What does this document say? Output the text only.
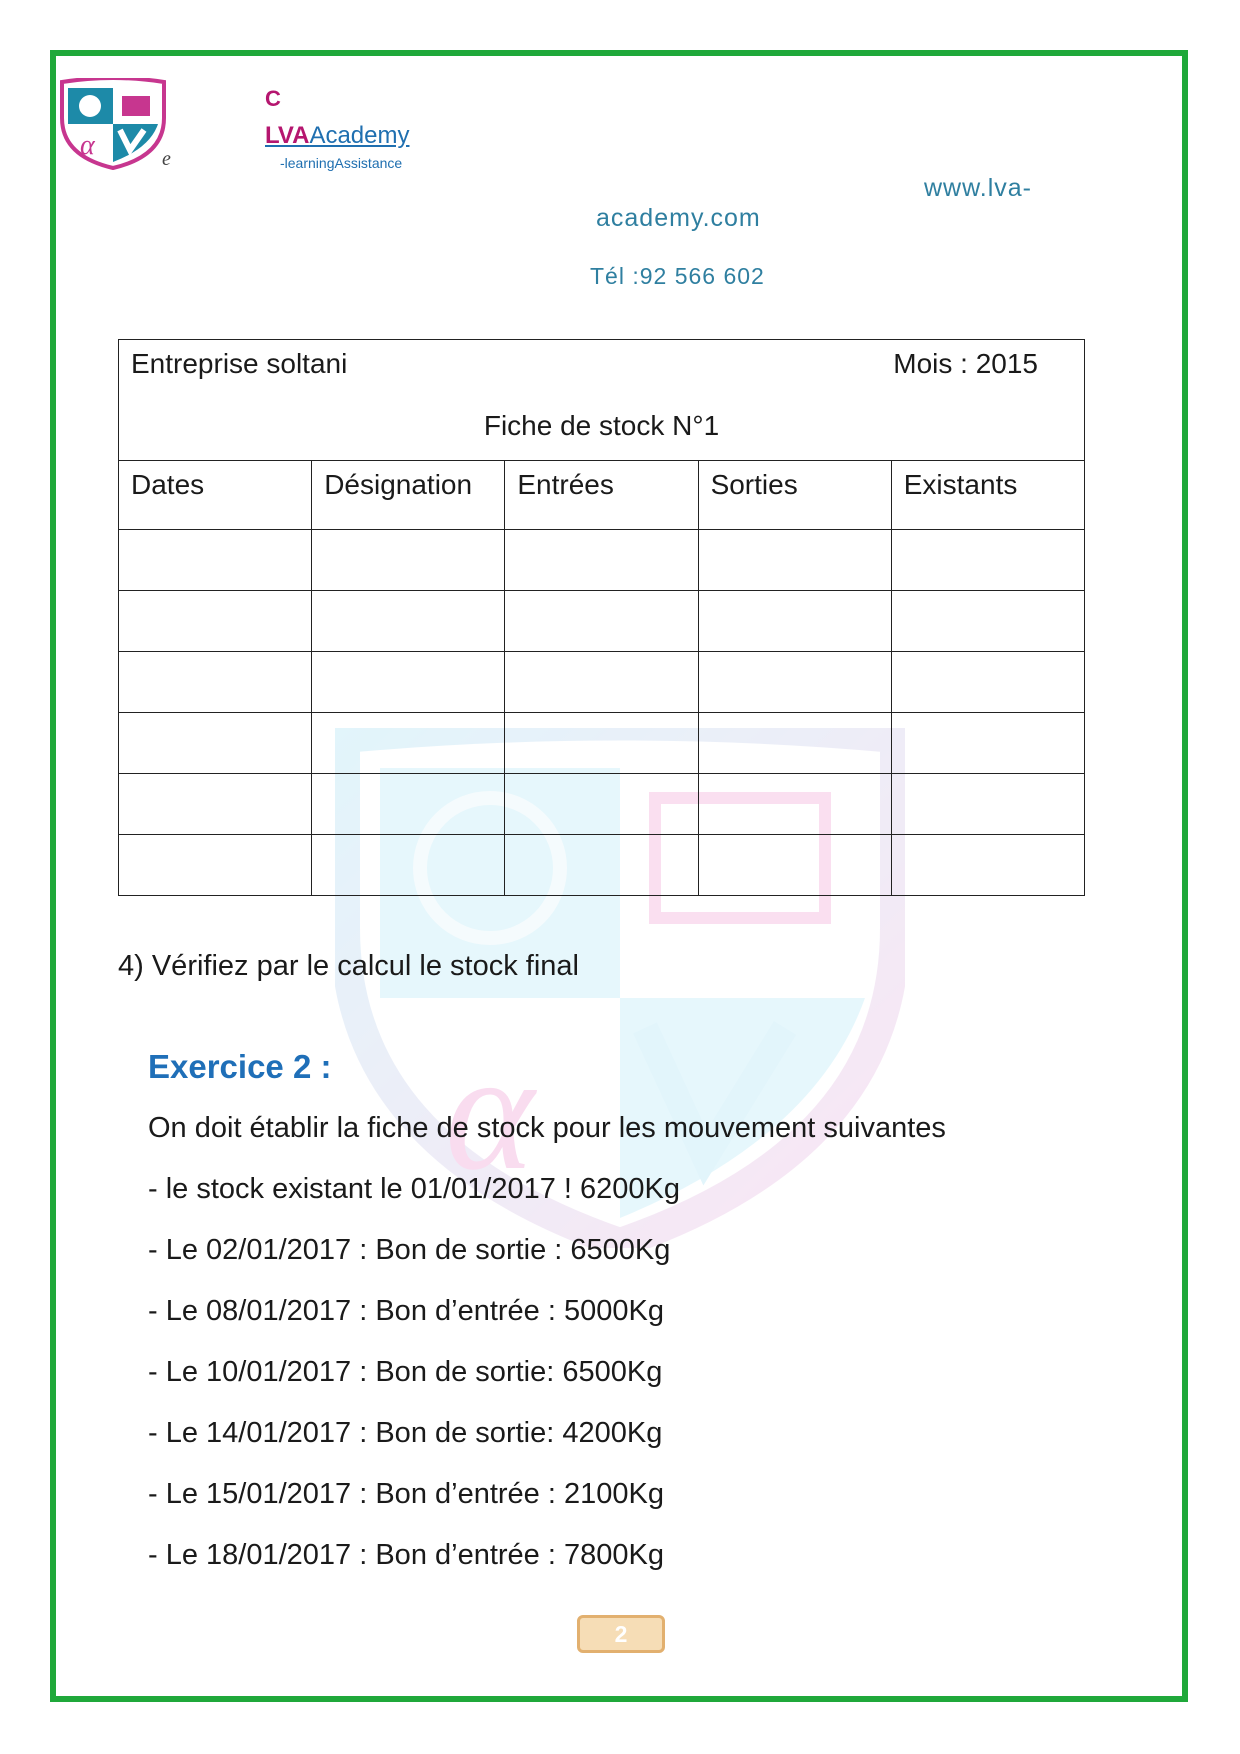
α
α	e
C
LVAAcademy
-learningAssistance
www.lva-
academy.com
Tél :92 566 602
Entreprise soltani Mois : 2015
Fiche de stock N°1				

Dates	Désignation	Entrées	Sorties	Existants

4) Vérifiez par le calcul le stock final
Exercice 2 :
On doit établir la fiche de stock pour les mouvement suivantes
- le stock existant le 01/01/2017 ! 6200Kg
- Le 02/01/2017 : Bon de sortie : 6500Kg
- Le 08/01/2017 : Bon d’entrée : 5000Kg
- Le 10/01/2017 : Bon de sortie: 6500Kg
- Le 14/01/2017 : Bon de sortie: 4200Kg
- Le 15/01/2017 : Bon d’entrée : 2100Kg
- Le 18/01/2017 : Bon d’entrée : 7800Kg
2
